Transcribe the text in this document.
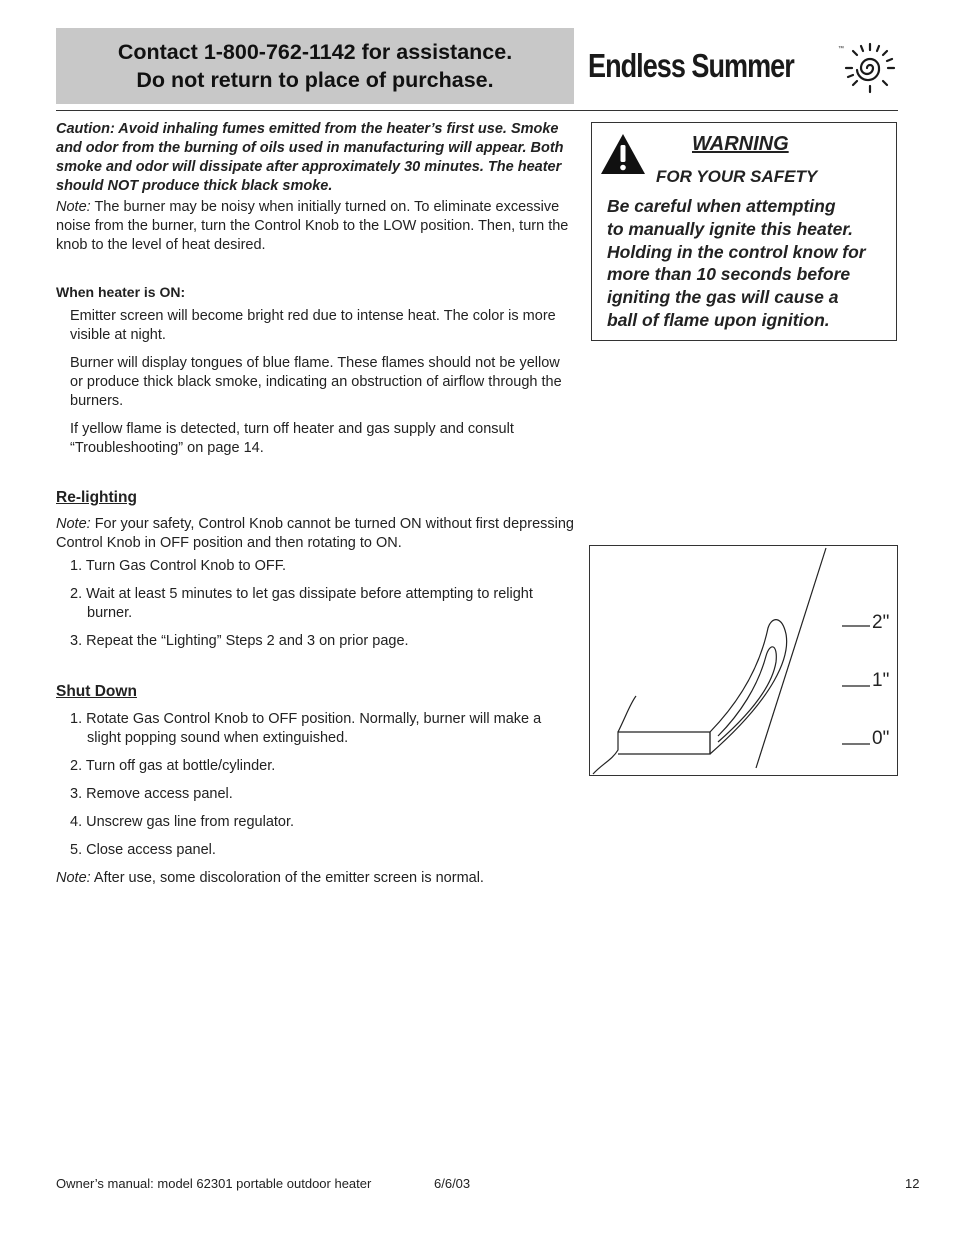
Contact 1-800-762-1142 for assistance.
Do not return to place of purchase.	Endless Summer	™

Caution: Avoid inhaling fumes emitted from the heater’s first use. Smoke and odor from the burning of oils used in manufacturing will appear. Both smoke and odor will dissipate after approximately 30 minutes. The heater should NOT produce thick black smoke.

Note: The burner may be noisy when initially turned on. To eliminate excessive noise from the burner, turn the Control Knob to the LOW position. Then, turn the knob to the level of heat desired.

When heater is ON:

Emitter screen will become bright red due to intense heat. The color is more visible at night.

Burner will display tongues of blue flame. These flames should not be yellow or produce thick black smoke, indicating an obstruction of airflow through the burners.

If yellow flame is detected, turn off heater and gas supply and consult “Troubleshooting” on page 14.

Re-lighting

Note: For your safety, Control Knob cannot be turned ON without first depressing Control Knob in OFF position and then rotating to ON.

1. Turn Gas Control Knob to OFF.
2. Wait at least 5 minutes to let gas dissipate before attempting to relight burner.
3. Repeat the “Lighting” Steps 2 and 3 on prior page.

Shut Down

1. Rotate Gas Control Knob to OFF position. Normally, burner will make a slight popping sound when extinguished.
2. Turn off gas at bottle/cylinder.
3. Remove access panel.
4. Unscrew gas line from regulator.
5. Close access panel.

Note: After use, some discoloration of the emitter screen is normal.

WARNING
FOR YOUR SAFETY
Be careful when attempting
to manually ignite this heater.
Holding in the control know for
more than 10 seconds before
igniting the gas will cause a
ball of flame upon ignition.
2"
1"
0"
Owner’s manual: model 62301 portable outdoor heater	6/6/03	12
